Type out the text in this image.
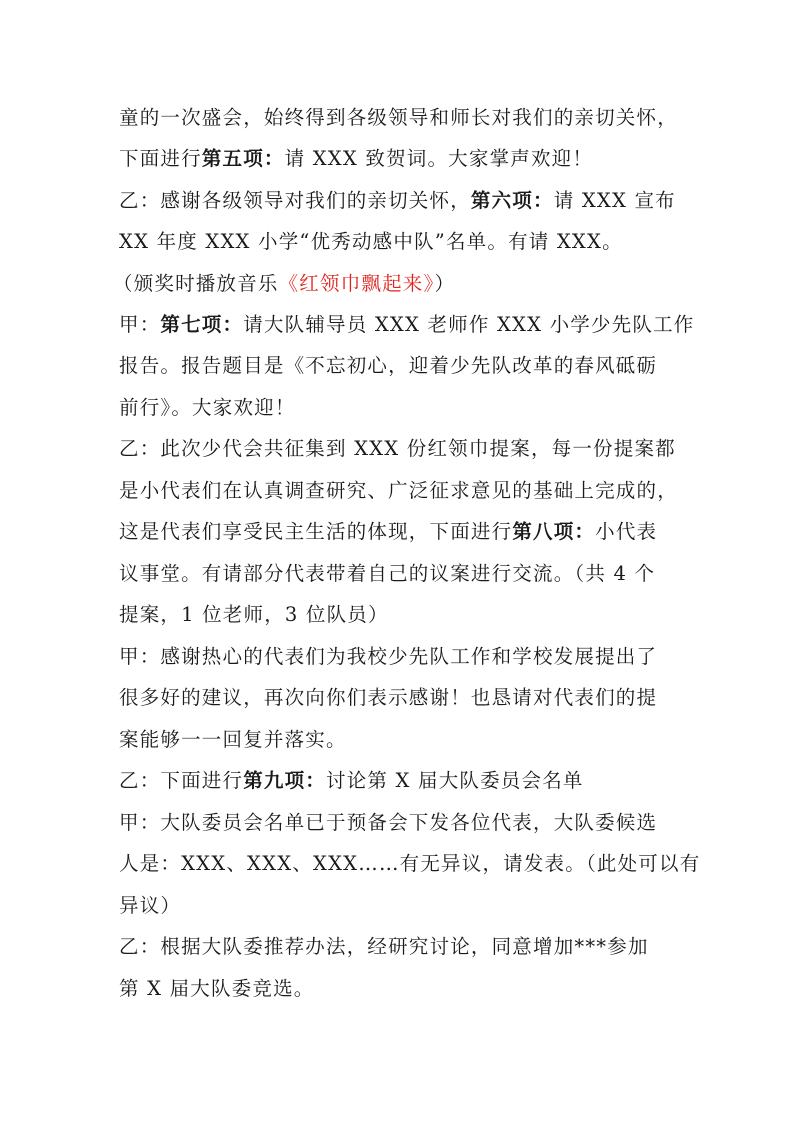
童的一次盛会，始终得到各级领导和师长对我们的亲切关怀，
下面进行第五项：请 XXX 致贺词。大家掌声欢迎！
乙：感谢各级领导对我们的亲切关怀，第六项：请 XXX 宣布
XX 年度 XXX 小学“优秀动感中队”名单。有请 XXX。
（颁奖时播放音乐《红领巾飘起来》）
甲：第七项：请大队辅导员 XXX 老师作 XXX 小学少先队工作
报告。报告题目是《不忘初心，迎着少先队改革的春风砥砺
前行》。大家欢迎！
乙：此次少代会共征集到 XXX 份红领巾提案，每一份提案都
是小代表们在认真调查研究、广泛征求意见的基础上完成的，
这是代表们享受民主生活的体现，下面进行第八项：小代表
议事堂。有请部分代表带着自己的议案进行交流。（共 4 个
提案，1 位老师，3 位队员）
甲：感谢热心的代表们为我校少先队工作和学校发展提出了
很多好的建议，再次向你们表示感谢！也恳请对代表们的提
案能够一一回复并落实。
乙：下面进行第九项：讨论第 X 届大队委员会名单
甲：大队委员会名单已于预备会下发各位代表，大队委候选
人是：XXX、XXX、XXX……有无异议，请发表。（此处可以有
异议）
乙：根据大队委推荐办法，经研究讨论，同意增加***参加
第 X 届大队委竞选。
